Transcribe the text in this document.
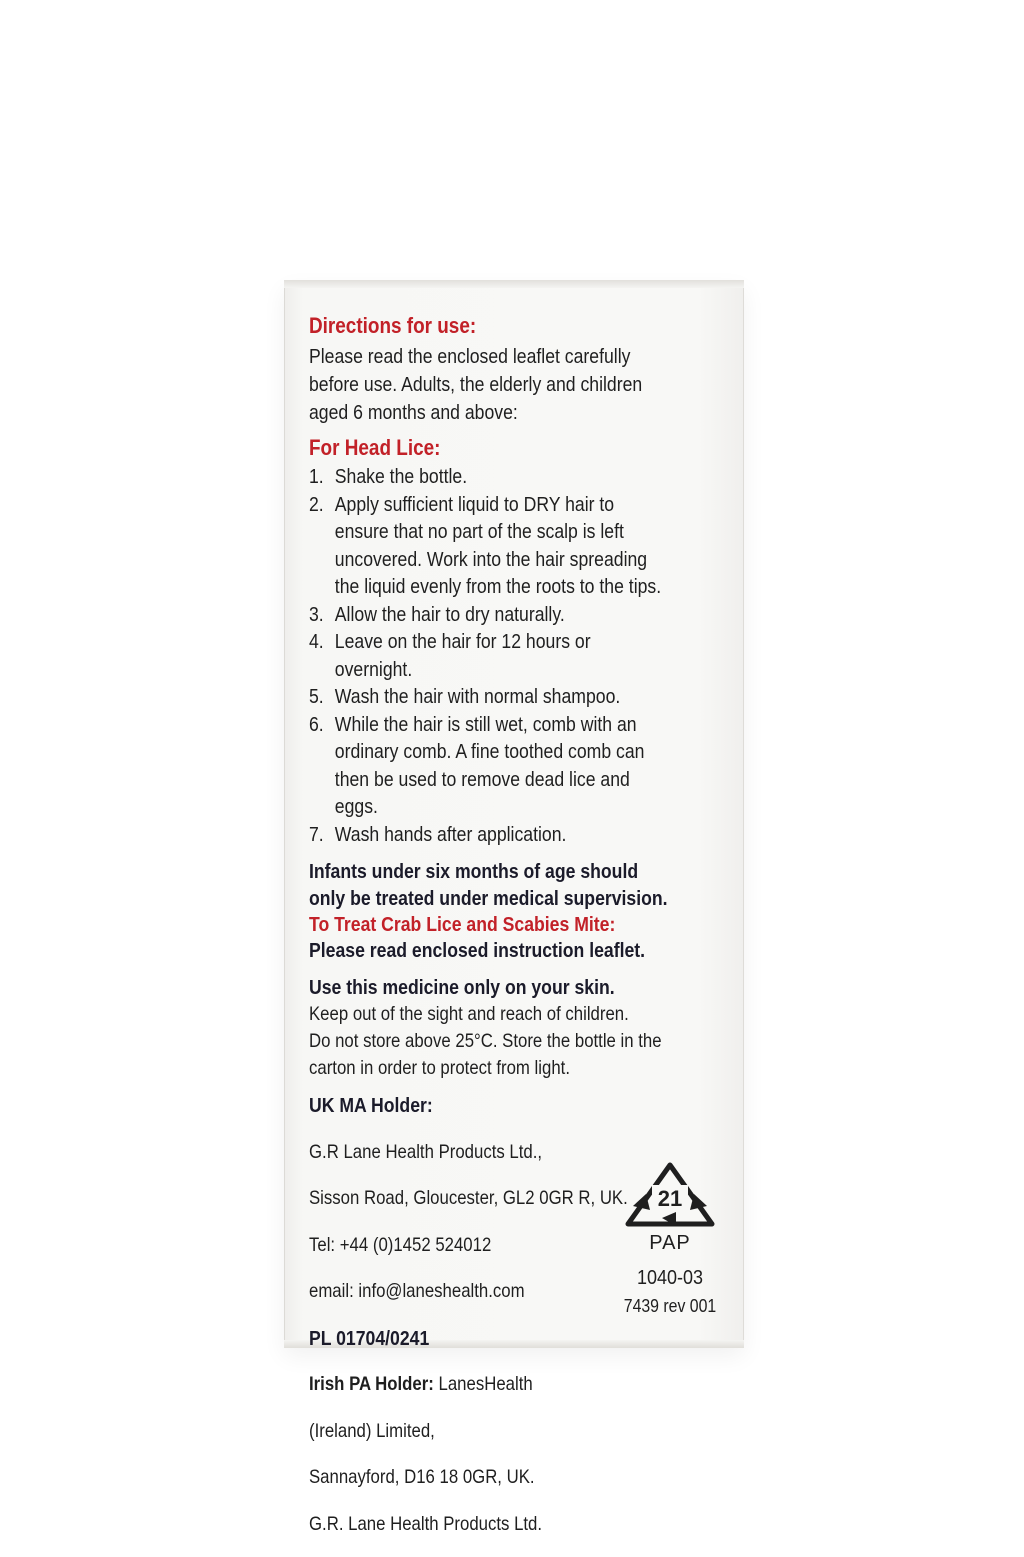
Directions for use:

Please read the enclosed leaflet carefully before use. Adults, the elderly and children aged 6 months and above:

For Head Lice:

1. Shake the bottle.
2. Apply sufficient liquid to DRY hair to ensure that no part of the scalp is left uncovered. Work into the hair spreading the liquid evenly from the roots to the tips.
3. Allow the hair to dry naturally.
4. Leave on the hair for 12 hours or overnight.
5. Wash the hair with normal shampoo.
6. While the hair is still wet, comb with an ordinary comb. A fine toothed comb can then be used to remove dead lice and eggs.
7. Wash hands after application.

Infants under six months of age should only be treated under medical supervision.

To Treat Crab Lice and Scabies Mite:

Please read enclosed instruction leaflet.

Use this medicine only on your skin.

Keep out of the sight and reach of children.

Do not store above 25°C. Store the bottle in the carton in order to protect from light.

UK MA Holder:

G.R Lane Health Products Ltd.,

Sisson Road, Gloucester, GL2 0GR R, UK.

Tel: +44 (0)1452 524012

email: info@laneshealth.com

PL 01704/0241

Irish PA Holder: LanesHealth

(Ireland) Limited,

Sannayford, D16 18 0GR, UK.

G.R. Lane Health Products Ltd.

21
PAP
1040-03
7439 rev 001
